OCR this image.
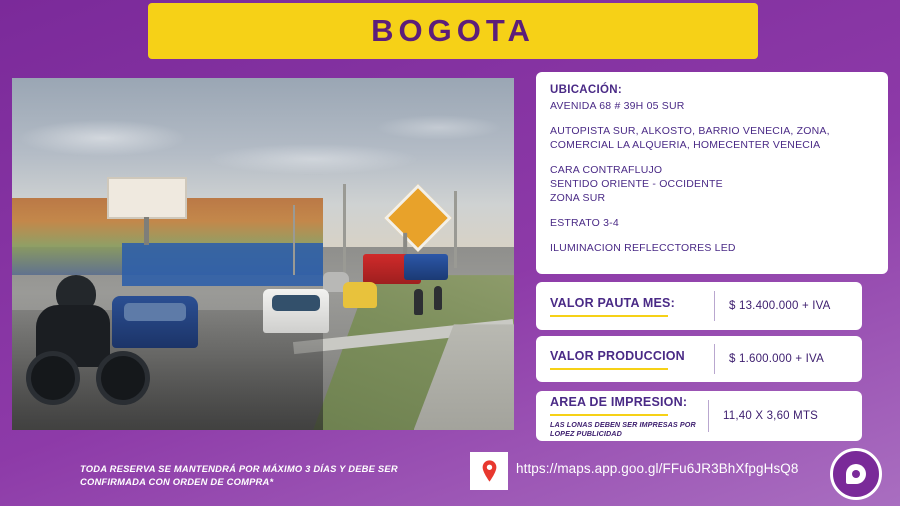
BOGOTA
UBICACIÓN:
AVENIDA 68 # 39H 05 SUR
AUTOPISTA SUR, ALKOSTO, BARRIO VENECIA, ZONA, COMERCIAL LA ALQUERIA, HOMECENTER VENECIA
CARA CONTRAFLUJO
SENTIDO ORIENTE - OCCIDENTE
ZONA SUR
ESTRATO 3-4
ILUMINACION REFLECCTORES LED
VALOR PAUTA MES:	$ 13.400.000 + IVA
VALOR PRODUCCION	$ 1.600.000 + IVA
AREA DE IMPRESION:
LAS LONAS DEBEN SER IMPRESAS POR LOPEZ PUBLICIDAD
11,40 X 3,60 MTS
TODA RESERVA SE MANTENDRÁ POR MÁXIMO 3 DÍAS Y DEBE SER CONFIRMADA CON ORDEN DE COMPRA*
https://maps.app.goo.gl/FFu6JR3BhXfpgHsQ8
